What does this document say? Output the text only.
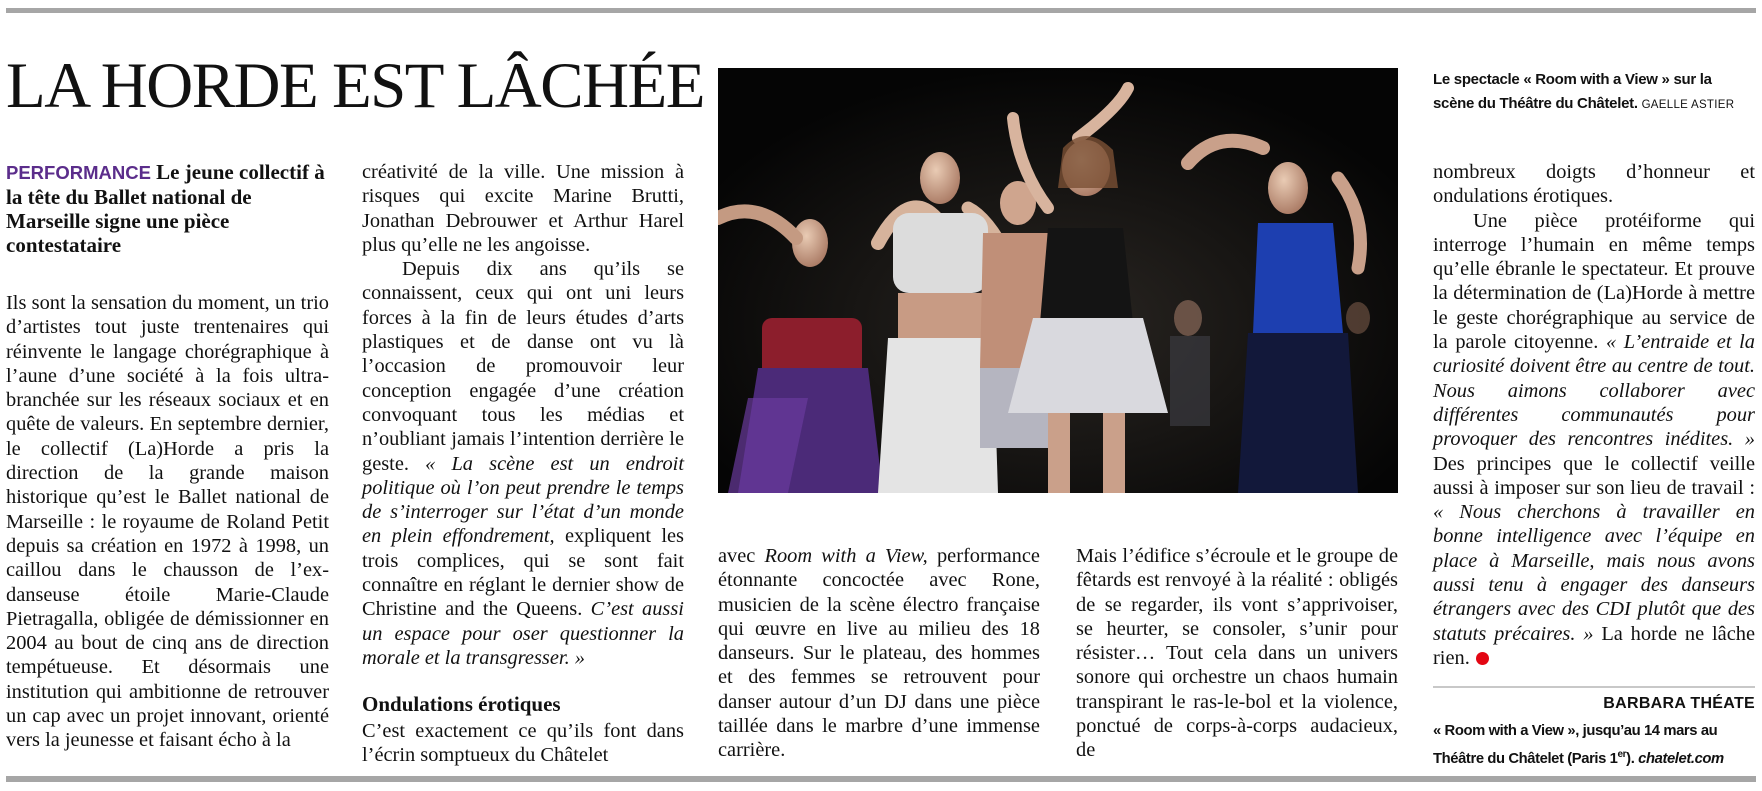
LA HORDE EST LÂCHÉE

PERFORMANCE Le jeune collectif à la tête du Ballet national de Marseille signe une pièce contestataire

Ils sont la sensation du moment, un trio d’artistes tout juste trentenaires qui réinvente le langage chorégraphique à l’aune d’une société à la fois ultra-branchée sur les réseaux sociaux et en quête de valeurs. En septembre dernier, le collectif (La)Horde a pris la direction de la grande maison historique qu’est le Ballet national de Marseille : le royaume de Roland Petit depuis sa création en 1972 à 1998, un caillou dans le chausson de l’ex-danseuse étoile Marie-Claude Pietragalla, obligée de démissionner en 2004 au bout de cinq ans de direction tempétueuse. Et désormais une institution qui ambitionne de retrouver un cap avec un projet innovant, orienté vers la jeunesse et faisant écho à la

créativité de la ville. Une mission à risques qui excite Marine Brutti, Jonathan Debrouwer et Arthur Harel plus qu’elle ne les angoisse.

Depuis dix ans qu’ils se connaissent, ceux qui ont uni leurs forces à la fin de leurs études d’arts plastiques et de danse ont vu là l’occasion de promouvoir leur conception engagée d’une création convoquant tous les médias et n’oubliant jamais l’intention derrière le geste. « La scène est un endroit politique où l’on peut prendre le temps de s’interroger sur l’état d’un monde en plein effondrement, expliquent les trois complices, qui se sont fait connaître en réglant le dernier show de Christine and the Queens. C’est aussi un espace pour oser questionner la morale et la transgresser. »

Ondulations érotiques

C’est exactement ce qu’ils font dans l’écrin somptueux du Châtelet

avec Room with a View, performance étonnante concoctée avec Rone, musicien de la scène électro française qui œuvre en live au milieu des 18 danseurs. Sur le plateau, des hommes et des femmes se retrouvent pour danser autour d’un DJ dans une pièce taillée dans le marbre d’une immense carrière.

Mais l’édifice s’écroule et le groupe de fêtards est renvoyé à la réalité : obligés de se regarder, ils vont s’apprivoiser, se heurter, se consoler, s’unir pour résister… Tout cela dans un univers sonore qui orchestre un chaos humain transpirant le ras-le-bol et la violence, ponctué de corps-à-corps audacieux, de

Le spectacle « Room with a View » sur la scène du Théâtre du Châtelet. GAELLE ASTIER

nombreux doigts d’honneur et ondulations érotiques.

Une pièce protéiforme qui interroge l’humain en même temps qu’elle ébranle le spectateur. Et prouve la détermination de (La)Horde à mettre le geste chorégraphique au service de la parole citoyenne. « L’entraide et la curiosité doivent être au centre de tout. Nous aimons collaborer avec différentes communautés pour provoquer des rencontres inédites. » Des principes que le collectif veille aussi à imposer sur son lieu de travail : « Nous cherchons à travailler en bonne intelligence avec l’équipe en place à Marseille, mais nous avons aussi tenu à engager des danseurs étrangers avec des CDI plutôt que des statuts précaires. » La horde ne lâche rien.

BARBARA THÉATE
« Room with a View », jusqu’au 14 mars au Théâtre du Châtelet (Paris 1er). chatelet.com
